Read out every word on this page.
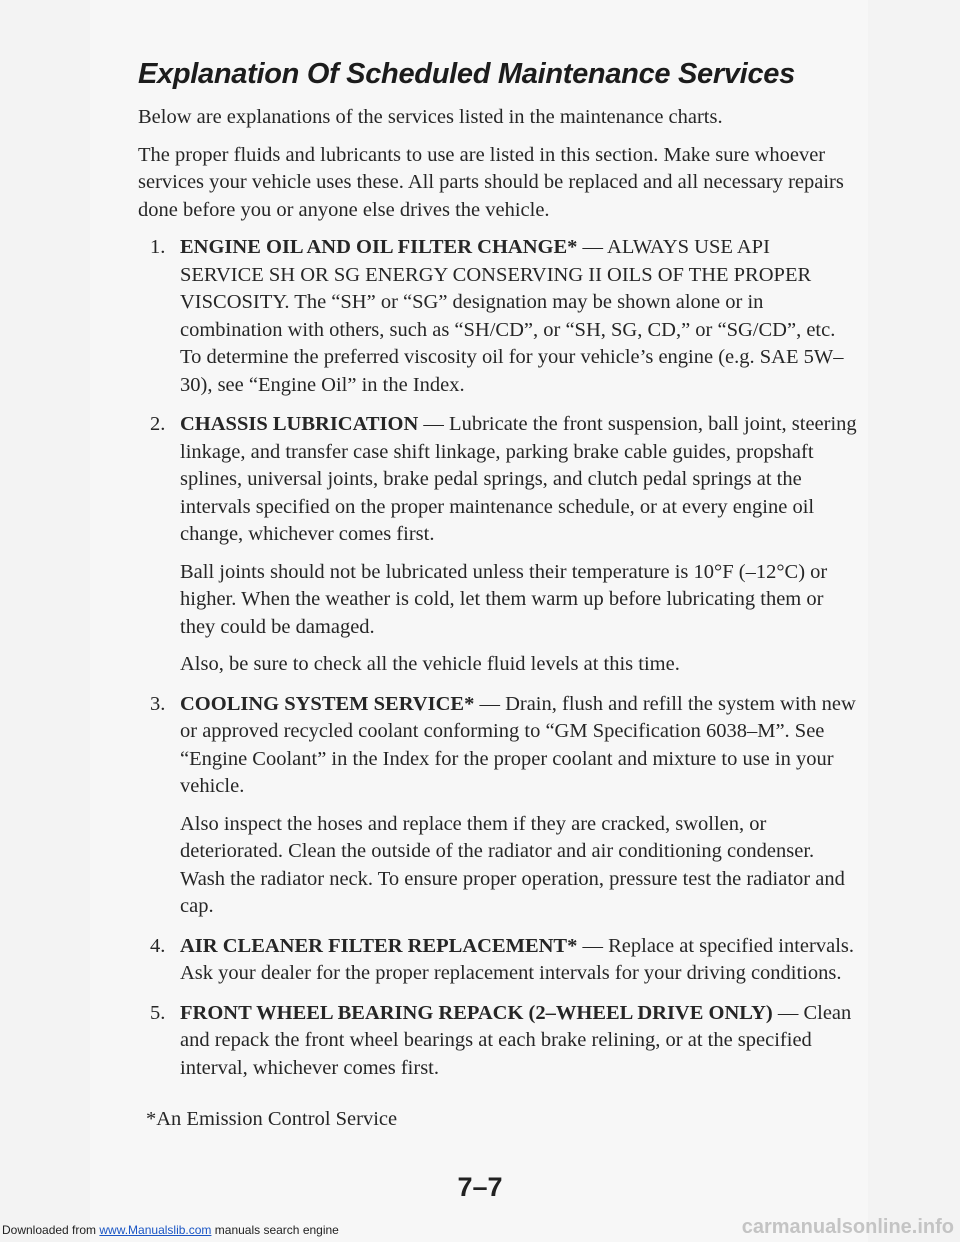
Explanation Of Scheduled Maintenance Services

Below are explanations of the services listed in the maintenance charts.

The proper fluids and lubricants to use are listed in this section. Make sure whoever services your vehicle uses these. All parts should be replaced and all necessary repairs done before you or anyone else drives the vehicle.

1. ENGINE OIL AND OIL FILTER CHANGE* — ALWAYS USE API SERVICE SH OR SG ENERGY CONSERVING II OILS OF THE PROPER VISCOSITY. The “SH” or “SG” designation may be shown alone or in combination with others, such as “SH/CD”, or “SH, SG, CD,” or “SG/CD”, etc. To determine the preferred viscosity oil for your vehicle’s engine (e.g. SAE 5W–30), see “Engine Oil” in the Index.

2. CHASSIS LUBRICATION — Lubricate the front suspension, ball joint, steering linkage, and transfer case shift linkage, parking brake cable guides, propshaft splines, universal joints, brake pedal springs, and clutch pedal springs at the intervals specified on the proper maintenance schedule, or at every engine oil change, whichever comes first.

Ball joints should not be lubricated unless their temperature is 10°F (–12°C) or higher. When the weather is cold, let them warm up before lubricating them or they could be damaged.

Also, be sure to check all the vehicle fluid levels at this time.

3. COOLING SYSTEM SERVICE* — Drain, flush and refill the system with new or approved recycled coolant conforming to “GM Specification 6038–M”. See “Engine Coolant” in the Index for the proper coolant and mixture to use in your vehicle.

Also inspect the hoses and replace them if they are cracked, swollen, or deteriorated. Clean the outside of the radiator and air conditioning condenser. Wash the radiator neck. To ensure proper operation, pressure test the radiator and cap.

4. AIR CLEANER FILTER REPLACEMENT* — Replace at specified intervals. Ask your dealer for the proper replacement intervals for your driving conditions.

5. FRONT WHEEL BEARING REPACK (2–WHEEL DRIVE ONLY) — Clean and repack the front wheel bearings at each brake relining, or at the specified interval, whichever comes first.

*An Emission Control Service
7–7
Downloaded from www.Manualslib.com manuals search engine	carmanualsonline.info
